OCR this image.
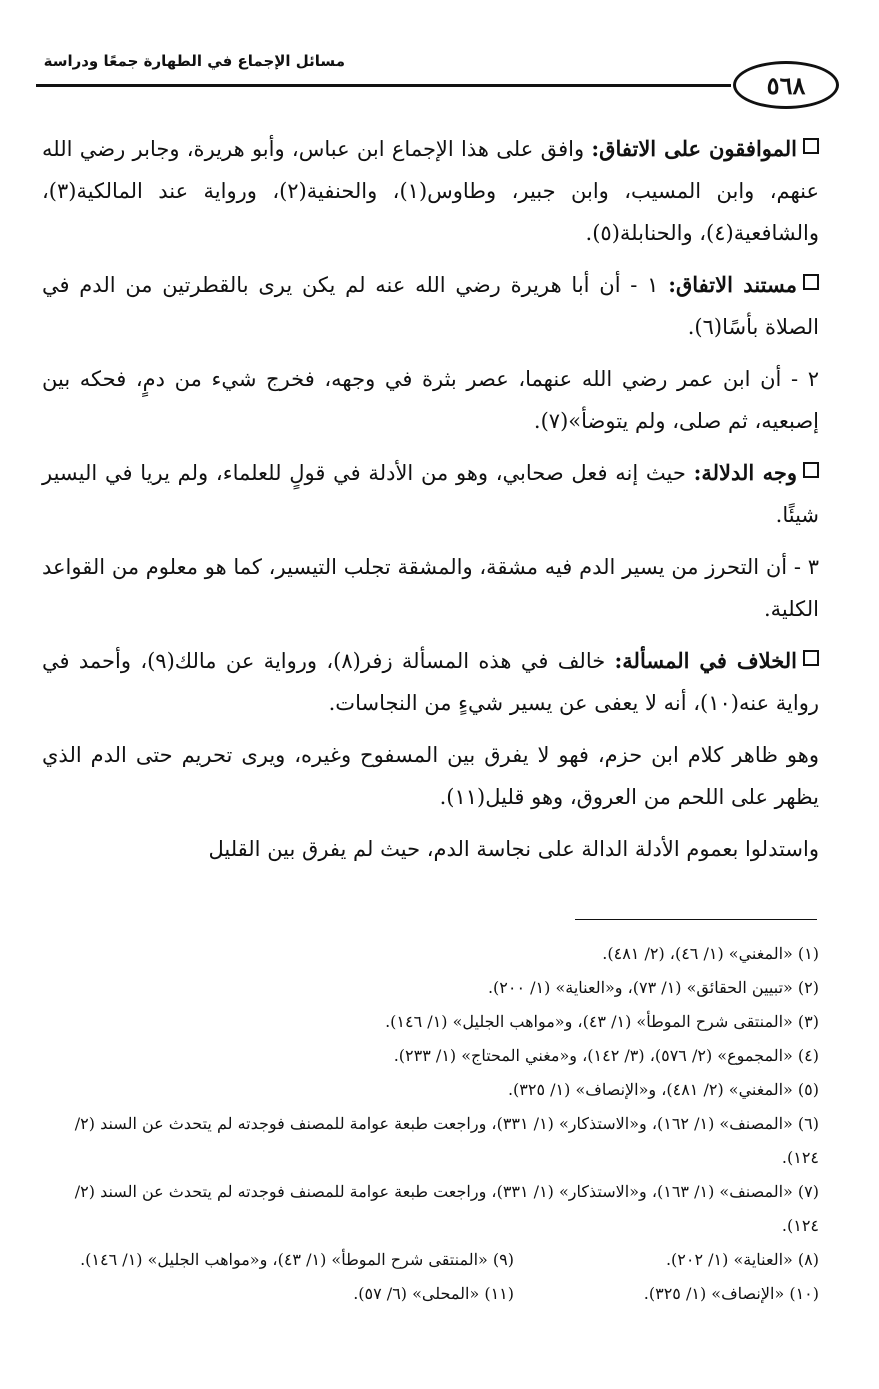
مسائل الإجماع في الطهارة جمعًا ودراسة
٥٦٨

الموافقون على الاتفاق: وافق على هذا الإجماع ابن عباس، وأبو هريرة، وجابر رضي الله عنهم، وابن المسيب، وابن جبير، وطاوس(١)، والحنفية(٢)، ورواية عند المالكية(٣)، والشافعية(٤)، والحنابلة(٥).

مستند الاتفاق: ١ - أن أبا هريرة رضي الله عنه لم يكن يرى بالقطرتين من الدم في الصلاة بأسًا(٦).

٢ - أن ابن عمر رضي الله عنهما، عصر بثرة في وجهه، فخرج شيء من دمٍ، فحكه بين إصبعيه، ثم صلى، ولم يتوضأ»(٧).

وجه الدلالة: حيث إنه فعل صحابي، وهو من الأدلة في قولٍ للعلماء، ولم يريا في اليسير شيئًا.

٣ - أن التحرز من يسير الدم فيه مشقة، والمشقة تجلب التيسير، كما هو معلوم من القواعد الكلية.

الخلاف في المسألة: خالف في هذه المسألة زفر(٨)، ورواية عن مالك(٩)، وأحمد في رواية عنه(١٠)، أنه لا يعفى عن يسير شيءٍ من النجاسات.

وهو ظاهر كلام ابن حزم، فهو لا يفرق بين المسفوح وغيره، ويرى تحريم حتى الدم الذي يظهر على اللحم من العروق، وهو قليل(١١).

واستدلوا بعموم الأدلة الدالة على نجاسة الدم، حيث لم يفرق بين القليل

(١) «المغني» (١/ ٤٦)، (٢/ ٤٨١).

(٢) «تبيين الحقائق» (١/ ٧٣)، و«العناية» (١/ ٢٠٠).

(٣) «المنتقى شرح الموطأ» (١/ ٤٣)، و«مواهب الجليل» (١/ ١٤٦).

(٤) «المجموع» (٢/ ٥٧٦)، (٣/ ١٤٢)، و«مغني المحتاج» (١/ ٢٣٣).

(٥) «المغني» (٢/ ٤٨١)، و«الإنصاف» (١/ ٣٢٥).

(٦) «المصنف» (١/ ١٦٢)، و«الاستذكار» (١/ ٣٣١)، وراجعت طبعة عوامة للمصنف فوجدته لم يتحدث عن السند (٢/ ١٢٤).

(٧) «المصنف» (١/ ١٦٣)، و«الاستذكار» (١/ ٣٣١)، وراجعت طبعة عوامة للمصنف فوجدته لم يتحدث عن السند (٢/ ١٢٤).

(٨) «العناية» (١/ ٢٠٢).

(٩) «المنتقى شرح الموطأ» (١/ ٤٣)، و«مواهب الجليل» (١/ ١٤٦).

(١٠) «الإنصاف» (١/ ٣٢٥).

(١١) «المحلى» (٦/ ٥٧).
